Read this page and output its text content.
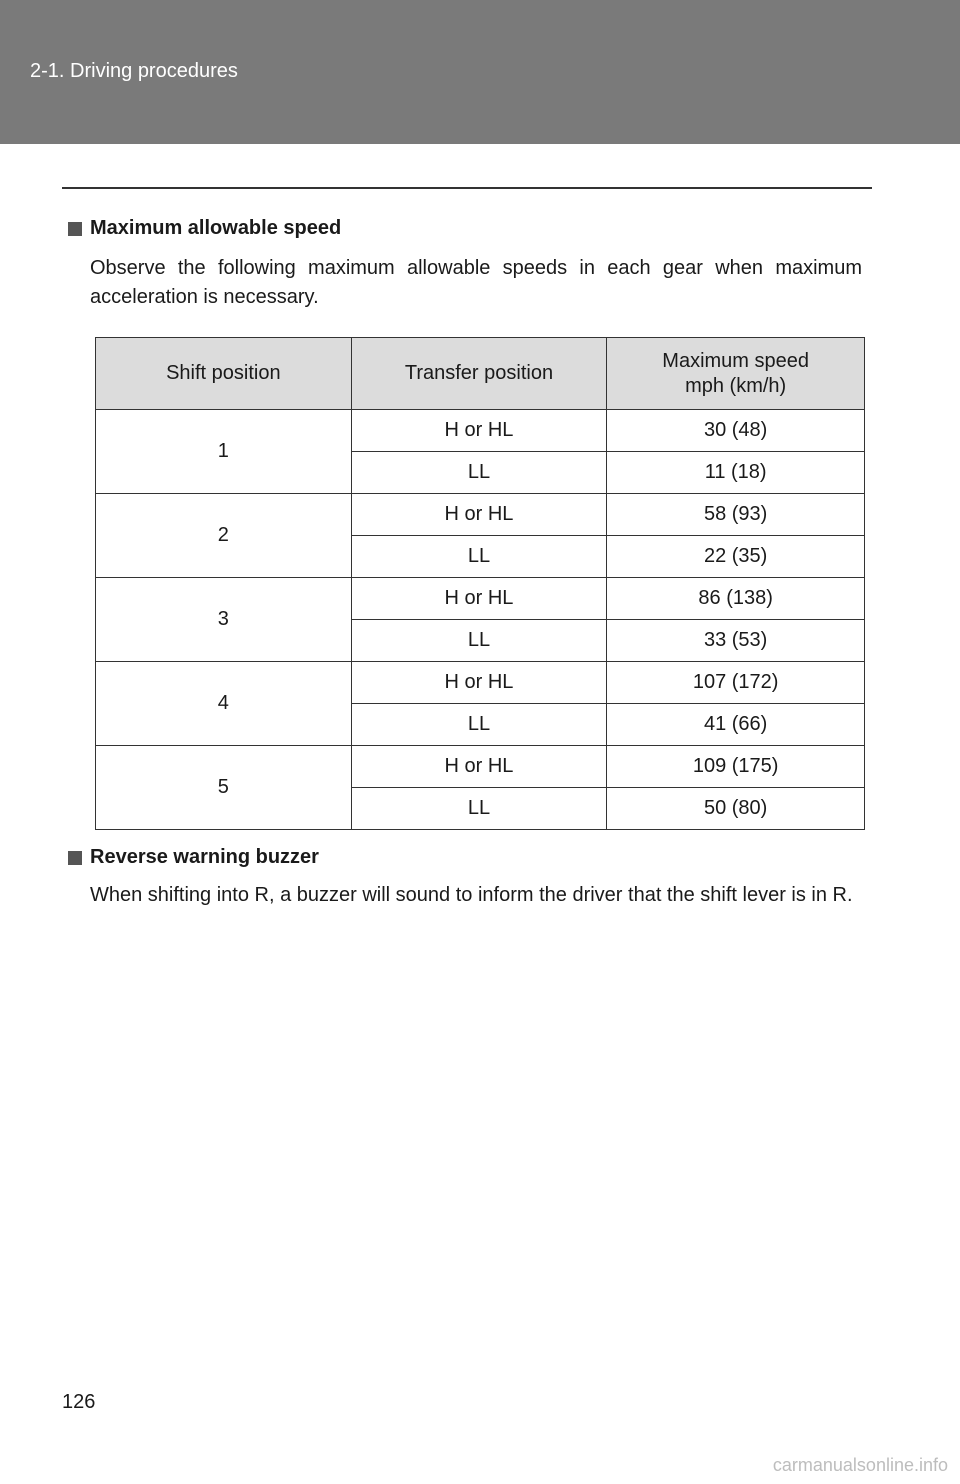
2-1. Driving procedures
Maximum allowable speed
Observe the following maximum allowable speeds in each gear when maximum acceleration is necessary.
Shift position	Transfer position	Maximum speed
mph (km/h)
1	H or HL	30 (48)
	LL	11 (18)
2	H or HL	58 (93)
	LL	22 (35)
3	H or HL	86 (138)
	LL	33 (53)
4	H or HL	107 (172)
	LL	41 (66)
5	H or HL	109 (175)
	LL	50 (80)
Reverse warning buzzer
When shifting into R, a buzzer will sound to inform the driver that the shift lever is in R.
126
carmanualsonline.info
